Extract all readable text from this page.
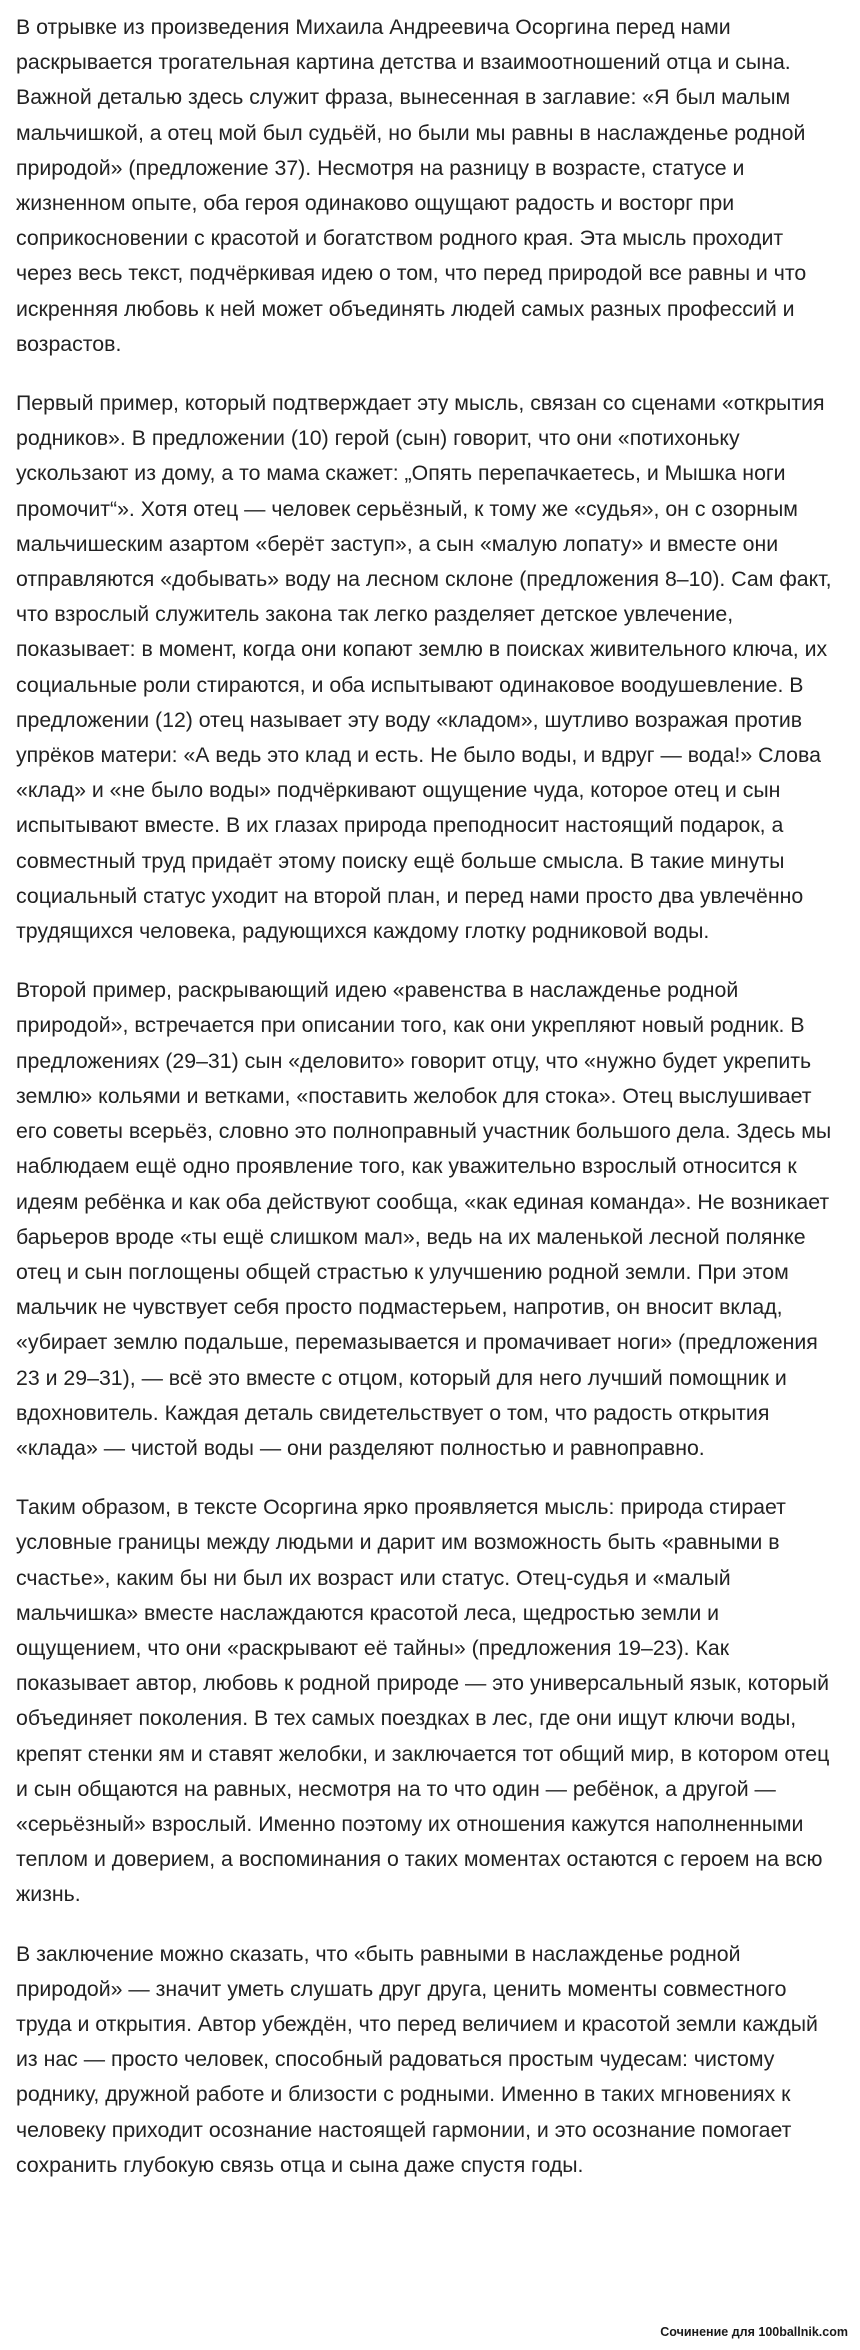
В отрывке из произведения Михаила Андреевича Осоргина перед нами раскрывается трогательная картина детства и взаимоотношений отца и сына. Важной деталью здесь служит фраза, вынесенная в заглавие: «Я был малым мальчишкой, а отец мой был судьёй, но были мы равны в наслажденье родной природой» (предложение 37). Несмотря на разницу в возрасте, статусе и жизненном опыте, оба героя одинаково ощущают радость и восторг при соприкосновении с красотой и богатством родного края. Эта мысль проходит через весь текст, подчёркивая идею о том, что перед природой все равны и что искренняя любовь к ней может объединять людей самых разных профессий и возрастов.

Первый пример, который подтверждает эту мысль, связан со сценами «открытия родников». В предложении (10) герой (сын) говорит, что они «потихоньку ускользают из дому, а то мама скажет: „Опять перепачкаетесь, и Мышка ноги промочит“». Хотя отец — человек серьёзный, к тому же «судья», он с озорным мальчишеским азартом «берёт заступ», а сын «малую лопату» и вместе они отправляются «добывать» воду на лесном склоне (предложения 8–10). Сам факт, что взрослый служитель закона так легко разделяет детское увлечение, показывает: в момент, когда они копают землю в поисках живительного ключа, их социальные роли стираются, и оба испытывают одинаковое воодушевление. В предложении (12) отец называет эту воду «кладом», шутливо возражая против упрёков матери: «А ведь это клад и есть. Не было воды, и вдруг — вода!» Слова «клад» и «не было воды» подчёркивают ощущение чуда, которое отец и сын испытывают вместе. В их глазах природа преподносит настоящий подарок, а совместный труд придаёт этому поиску ещё больше смысла. В такие минуты социальный статус уходит на второй план, и перед нами просто два увлечённо трудящихся человека, радующихся каждому глотку родниковой воды.

Второй пример, раскрывающий идею «равенства в наслажденье родной природой», встречается при описании того, как они укрепляют новый родник. В предложениях (29–31) сын «деловито» говорит отцу, что «нужно будет укрепить землю» кольями и ветками, «поставить желобок для стока». Отец выслушивает его советы всерьёз, словно это полноправный участник большого дела. Здесь мы наблюдаем ещё одно проявление того, как уважительно взрослый относится к идеям ребёнка и как оба действуют сообща, «как единая команда». Не возникает барьеров вроде «ты ещё слишком мал», ведь на их маленькой лесной полянке отец и сын поглощены общей страстью к улучшению родной земли. При этом мальчик не чувствует себя просто подмастерьем, напротив, он вносит вклад, «убирает землю подальше, перемазывается и промачивает ноги» (предложения 23 и 29–31), — всё это вместе с отцом, который для него лучший помощник и вдохновитель. Каждая деталь свидетельствует о том, что радость открытия «клада» — чистой воды — они разделяют полностью и равноправно.

Таким образом, в тексте Осоргина ярко проявляется мысль: природа стирает условные границы между людьми и дарит им возможность быть «равными в счастье», каким бы ни был их возраст или статус. Отец-судья и «малый мальчишка» вместе наслаждаются красотой леса, щедростью земли и ощущением, что они «раскрывают её тайны» (предложения 19–23). Как показывает автор, любовь к родной природе — это универсальный язык, который объединяет поколения. В тех самых поездках в лес, где они ищут ключи воды, крепят стенки ям и ставят желобки, и заключается тот общий мир, в котором отец и сын общаются на равных, несмотря на то что один — ребёнок, а другой — «серьёзный» взрослый. Именно поэтому их отношения кажутся наполненными теплом и доверием, а воспоминания о таких моментах остаются с героем на всю жизнь.

В заключение можно сказать, что «быть равными в наслажденье родной природой» — значит уметь слушать друг друга, ценить моменты совместного труда и открытия. Автор убеждён, что перед величием и красотой земли каждый из нас — просто человек, способный радоваться простым чудесам: чистому роднику, дружной работе и близости с родными. Именно в таких мгновениях к человеку приходит осознание настоящей гармонии, и это осознание помогает сохранить глубокую связь отца и сына даже спустя годы.

Сочинение для 100ballnik.com
